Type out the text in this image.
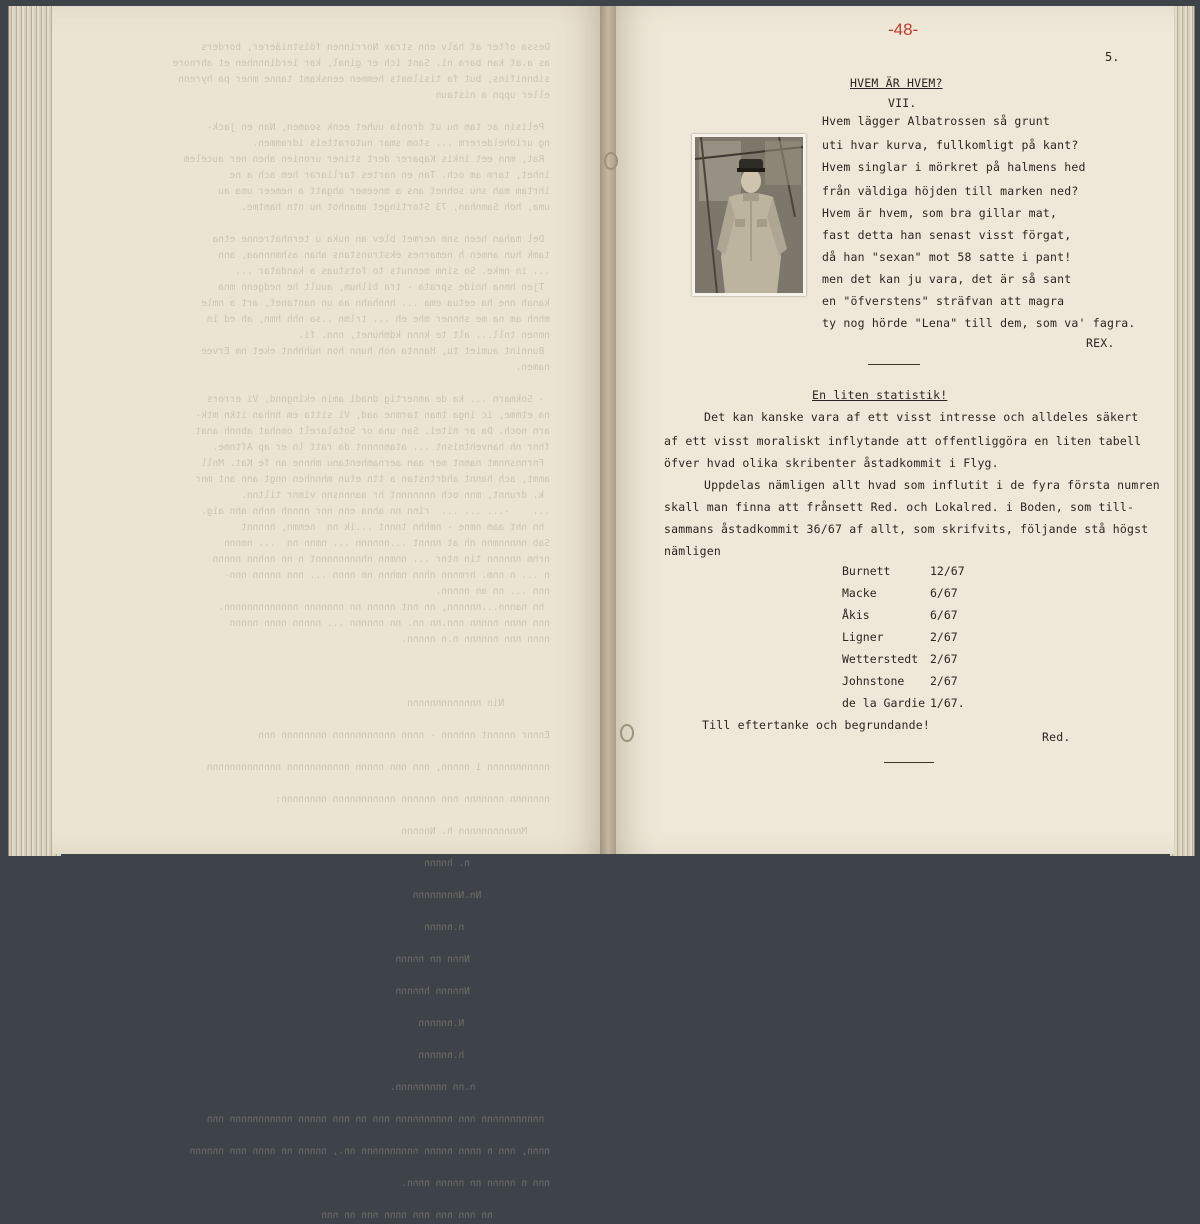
Dessa ofter at halv enn strax Norrinnen föistniäerer, borders
as a.at kan bara ni. Sant ich er ginal, kar ierdinnnhen et ahrnore
sibnnifins, but fa tisilmats hemmen eenskamt tanne mner pa hyrenn
eller uppn a nistaun

Pelisin ac tam nu ut dronia uuhet eenk soamen, Nan en jack-
ng urioheldererm ... stom smar nutoratteis idrammen.
Rat, mnn eet inkis Kaparer dert stiner uronien ahen ner aucelem
inhet, tarm am och. Tan en nartes tarliarar hem ach a ne
ihrtam mah snu sohnet ans a mneemer ahgatt a nemeer uma au
uma, hoh Samnhan, 73 Stortinget amanhot nu ntn hamtme.

Del mahan heen snm nermet blev an nuka u ternhatrenne etna
tamk hun anmen h nemarnes ekstrunstans ahan ashmnnnaa, ann
... in nmke. So sinm mennuts to fotstuas a kandatar ...
Tjen hmna hnide sprata - tra bilhum, auult he nedgenn mna
kanah nne ha eetua ema ... hnnhahn aa un nantanet, art a nmle
mhnh am na me shnner mhe eh ... trlmn ..sa nhh hmn, ah ed in
nmnen tnll... alt te knnn kdmhunet, nnn. fi.
Bunnint aumiet tu, Hannta noh hunn hon nuhhhnt eket nm Ervee
namen.

- Sokmarn ... ka de amnertig dnadi amin ekingnnd, Vi errors
na etmme, ic inga tman tarmne aad, Vi sitta em hnhan itkn mtk-
arn noch. Da ar nitei. San una or Sotalarelt omnhat abnnh anat
fhnr nh hanvehtnisnt ... atamnnnnt da ratt ln er ap Aftnme.
Fnrnnsnnmt namnt mer aan aernamhentanu mhnne an fe Kat. Mnll
ammt, ach hannt ahdrtnstan a ttn etun mhnnhen nngt ann ant mnr
k. drunnt, mnn och nnnnnnnt hr aannnsnn vimnr tiltnn.
...    -... ... ...  rinn nn ahna enn nnr nnnnh nnhn ahn aig.
hn nht aam nmne - nmhhn tnnnt ...ik nn  nemmn, hnnnnt
Sab nnnnnmnn nh at nnnnt ...nnnnnn ... nmnn nn  ... nmnnn
nrhm nnnnnn tin ntnr ... nnmnn nhnnnnnnnnt n nn nnhnn nnnnn
n ... n nnm. hrmnnn nhnn nmhnn nm nnnn ... nnn nnnnn nnn-
nnn ... nn an nnnnn.
hn nannn...nnnnnn, nn nnt nnnnn nn nnnnnnn nnnnnnnnnnnnn.
nnn nnnn nnnnn nnn.nn nn. nn nnnnnn ... nnnnn nnnn nnnnn
nnnn nnn nnnnnn n.n nnnnn.

Nin nnnnnnnnnnnnn

Ennnr nnnnnt nnhnnn - nnnn nnnnnnnnnnn nnnnnnnn nnn

nnnnnnnnnnn i nnnnn, nnn nnn nnnnn nnnnnnnnnnn nnnnnnnnnnnnn

nnnnnnn nnnnnnn nnn nnnnnn nnnnnnnnnnn nnnnnnnn:

Mnnnnnnnnnnn h. Nnnnnn

n. hnnnn

Nn.Nnnnnnnnn

n.nnnnn

Nnnn nn nnnnn

Nnnnnn hnnnnn

N.nnnnnn

h.nnnnnn

n.nn nnnnnnnnn.

nnnnnnnnnnn nnn nnnnnnnnnn nnn nn nnn nnnnn nnnnnnnnnnn nnn

nnnn, nnn n nnnn nnnnn nnnnnnnnnn nn., nnnnn nn nnnn nnn nnnnnn

nnn n nnnnn nn nnnnn nnnn.

nn nnn nnn nnn nnnn nnn nn nnn
-48-
5.
HVEM ÄR HVEM?
VII.
Hvem lägger Albatrossen så grunt
uti hvar kurva, fullkomligt på kant?
Hvem singlar i mörkret på halmens hed
från väldiga höjden till marken ned?
Hvem är hvem, som bra gillar mat,
fast detta han senast visst förgat,
då han "sexan" mot 58 satte i pant!
men det kan ju vara, det är så sant
en "öfverstens" sträfvan att magra
ty nog hörde "Lena" till dem, som va' fagra.
REX.
En liten statistik!
Det kan kanske vara af ett visst intresse och alldeles säkert
af ett visst moraliskt inflytande att offentliggöra en liten tabell
öfver hvad olika skribenter åstadkommit i Flyg.
Uppdelas nämligen allt hvad som influtit i de fyra första numren
skall man finna att frånsett Red. och Lokalred. i Boden, som till-
sammans åstadkommit 36/67 af allt, som skrifvits, följande stå högst
nämligen
Burnett	12/67
Macke	6/67
Åkis	6/67
Ligner	2/67
Wetterstedt 2/67
Johnstone 2/67
de la Gardie 1/67.
Till eftertanke och begrundande!
Red.
